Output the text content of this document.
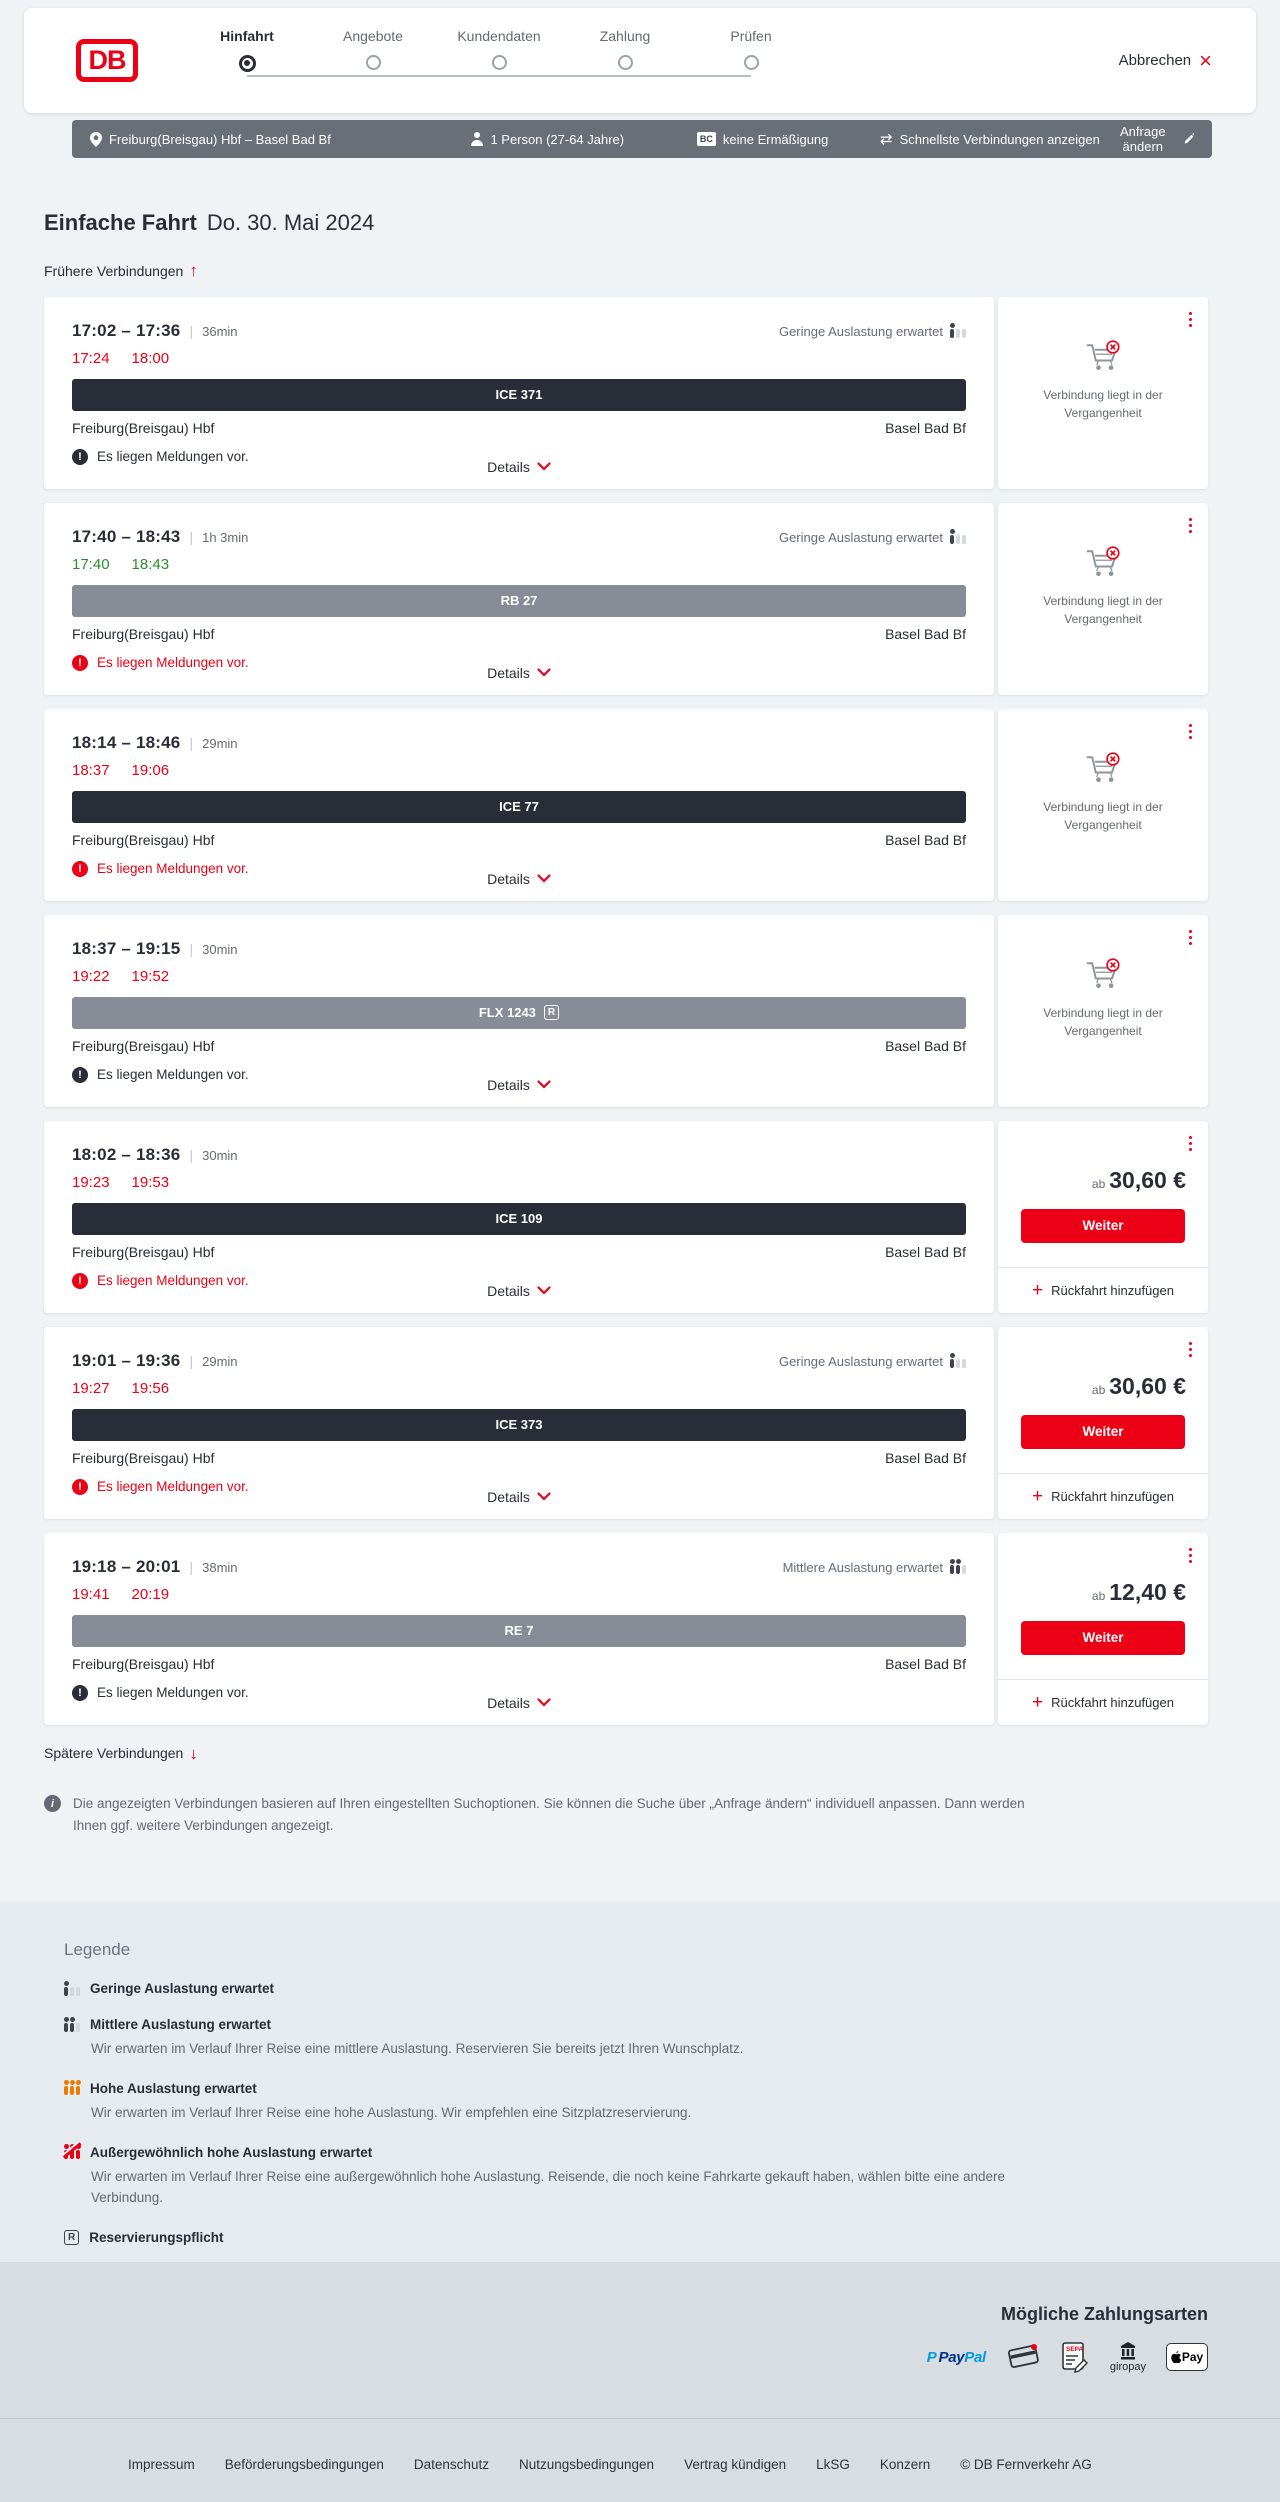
DB
Hinfahrt	Angebote	Kundendaten	Zahlung	Prüfen
Abbrechen ×
Freiburg(Breisgau) Hbf – Basel Bad Bf	1 Person (27-64 Jahre)	BC keine Ermäßigung	⇄ Schnellste Verbindungen anzeigen	Anfrage ändern
Einfache Fahrt Do. 30. Mai 2024
Frühere Verbindungen ↑
17:02 – 17:36 | 36min	Geringe Auslastung erwartet
17:24 18:00
ICE 371
Freiburg(Breisgau) Hbf	Basel Bad Bf
!	Es liegen Meldungen vor.
Details
Verbindung liegt in der Vergangenheit
17:40 – 18:43 | 1h 3min	Geringe Auslastung erwartet
17:40 18:43
RB 27
Freiburg(Breisgau) Hbf	Basel Bad Bf
!	Es liegen Meldungen vor.
Details
Verbindung liegt in der Vergangenheit
18:14 – 18:46 | 29min
18:37 19:06
ICE 77
Freiburg(Breisgau) Hbf	Basel Bad Bf
!	Es liegen Meldungen vor.
Details
Verbindung liegt in der Vergangenheit
18:37 – 19:15 | 30min
19:22 19:52
FLX 1243	R
Freiburg(Breisgau) Hbf	Basel Bad Bf
!	Es liegen Meldungen vor.
Details
Verbindung liegt in der Vergangenheit
18:02 – 18:36 | 30min
19:23 19:53
ICE 109
Freiburg(Breisgau) Hbf	Basel Bad Bf
!	Es liegen Meldungen vor.
Details
ab 30,60 €
Weiter
+ Rückfahrt hinzufügen
19:01 – 19:36 | 29min	Geringe Auslastung erwartet
19:27 19:56
ICE 373
Freiburg(Breisgau) Hbf	Basel Bad Bf
!	Es liegen Meldungen vor.
Details
ab 30,60 €
Weiter
+ Rückfahrt hinzufügen
19:18 – 20:01 | 38min	Mittlere Auslastung erwartet
19:41 20:19
RE 7
Freiburg(Breisgau) Hbf	Basel Bad Bf
!	Es liegen Meldungen vor.
Details
ab 12,40 €
Weiter
+ Rückfahrt hinzufügen
Spätere Verbindungen ↓
i	Die angezeigten Verbindungen basieren auf Ihren eingestellten Suchoptionen. Sie können die Suche über „Anfrage ändern“ individuell anpassen. Dann werden Ihnen ggf. weitere Verbindungen angezeigt.

Legende
Geringe Auslastung erwartet
Mittlere Auslastung erwartet

Wir erwarten im Verlauf Ihrer Reise eine mittlere Auslastung. Reservieren Sie bereits jetzt Ihren Wunschplatz.

Hohe Auslastung erwartet

Wir erwarten im Verlauf Ihrer Reise eine hohe Auslastung. Wir empfehlen eine Sitzplatzreservierung.

Außergewöhnlich hohe Auslastung erwartet

Wir erwarten im Verlauf Ihrer Reise eine außergewöhnlich hohe Auslastung. Reisende, die noch keine Fahrkarte gekauft haben, wählen bitte eine andere Verbindung.

R Reservierungspflicht
Mögliche Zahlungsarten
P Pay Pal	SEPA
giropay
Pay
Impressum Beförderungsbedingungen Datenschutz Nutzungsbedingungen Vertrag kündigen LkSG Konzern © DB Fernverkehr AG
